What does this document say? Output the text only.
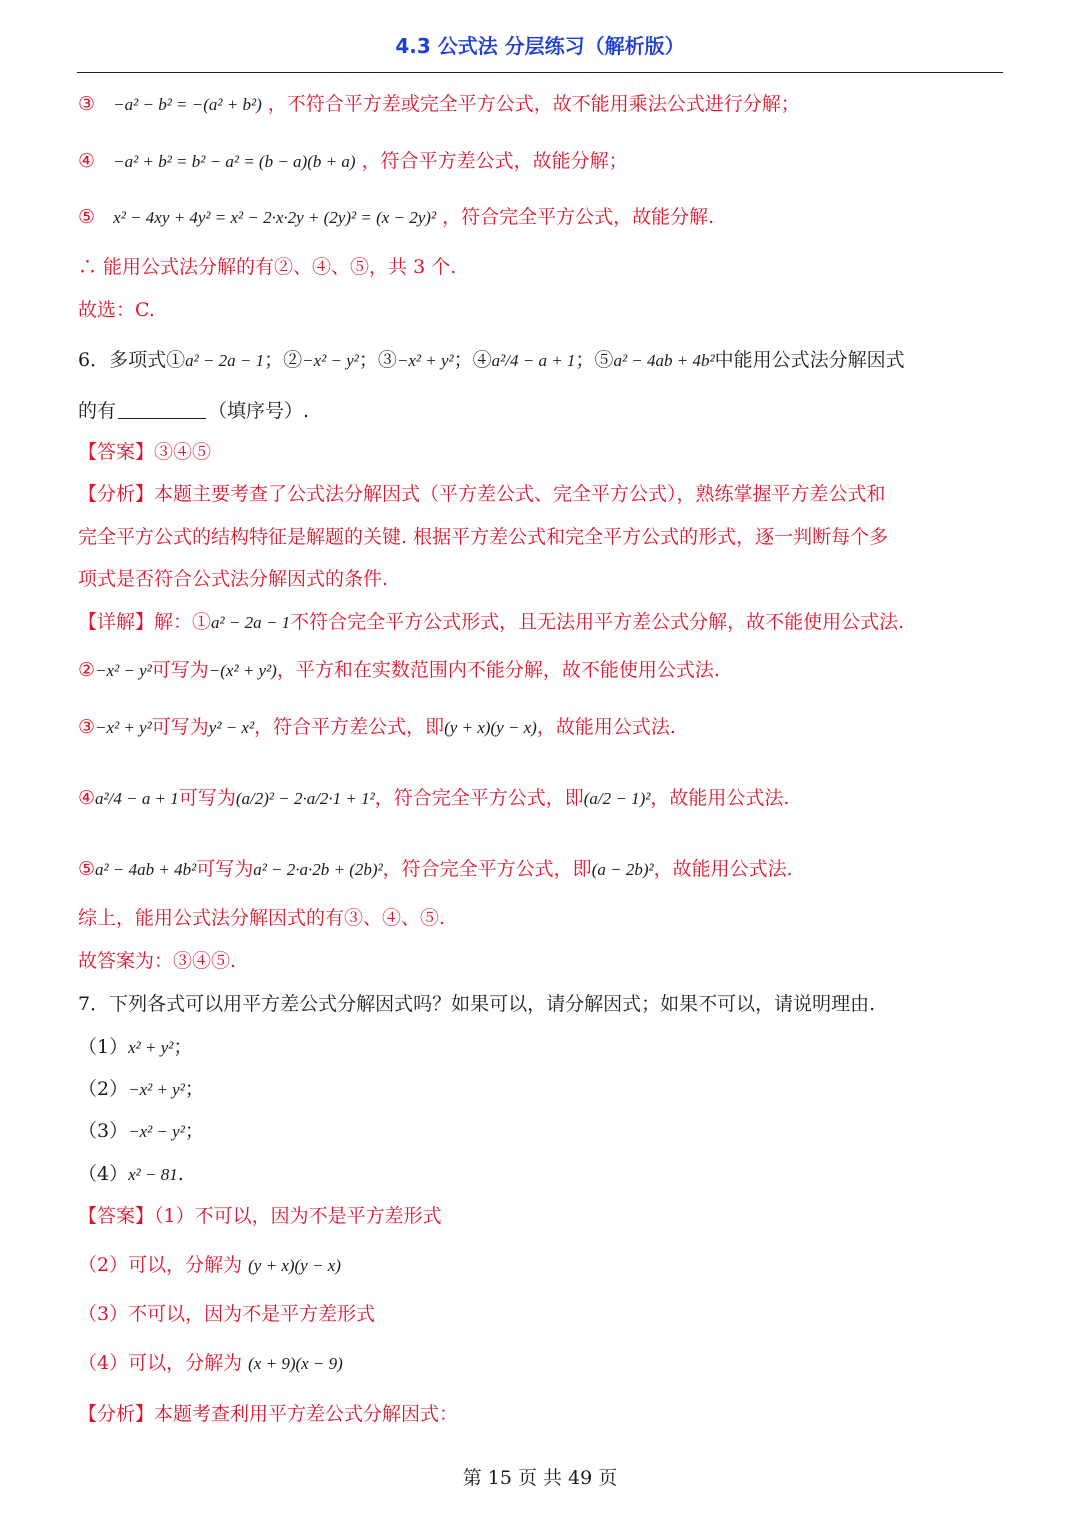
4.3 公式法 分层练习（解析版）
③ −a² − b² = −(a² + b²) ，不符合平方差或完全平方公式，故不能用乘法公式进行分解；
④ −a² + b² = b² − a² = (b − a)(b + a) ，符合平方差公式，故能分解；
⑤ x² − 4xy + 4y² = x² − 2·x·2y + (2y)² = (x − 2y)² ，符合完全平方公式，故能分解.
∴ 能用公式法分解的有②、④、⑤，共 3 个.
故选：C.
6．多项式①a² − 2a − 1；②−x² − y²；③−x² + y²；④a²/4 − a + 1；⑤a² − 4ab + 4b²中能用公式法分解因式
的有	（填序号）.
【答案】③④⑤
【分析】本题主要考查了公式法分解因式（平方差公式、完全平方公式），熟练掌握平方差公式和
完全平方公式的结构特征是解题的关键. 根据平方差公式和完全平方公式的形式，逐一判断每个多
项式是否符合公式法分解因式的条件.
【详解】解：①a² − 2a − 1不符合完全平方公式形式，且无法用平方差公式分解，故不能使用公式法.
②−x² − y²可写为−(x² + y²)，平方和在实数范围内不能分解，故不能使用公式法.
③−x² + y²可写为y² − x²，符合平方差公式，即(y + x)(y − x)，故能用公式法.
④a²/4 − a + 1可写为(a/2)² − 2·a/2·1 + 1²，符合完全平方公式，即(a/2 − 1)²，故能用公式法.
⑤a² − 4ab + 4b²可写为a² − 2·a·2b + (2b)²，符合完全平方公式，即(a − 2b)²，故能用公式法.
综上，能用公式法分解因式的有③、④、⑤.
故答案为：③④⑤.
7．下列各式可以用平方差公式分解因式吗？如果可以，请分解因式；如果不可以，请说明理由.
（1）x² + y²；
（2）−x² + y²；
（3）−x² − y²；
（4）x² − 81.
【答案】（1）不可以，因为不是平方差形式
（2）可以，分解为 (y + x)(y − x)
（3）不可以，因为不是平方差形式
（4）可以，分解为 (x + 9)(x − 9)
【分析】本题考查利用平方差公式分解因式：
第 15 页 共 49 页
